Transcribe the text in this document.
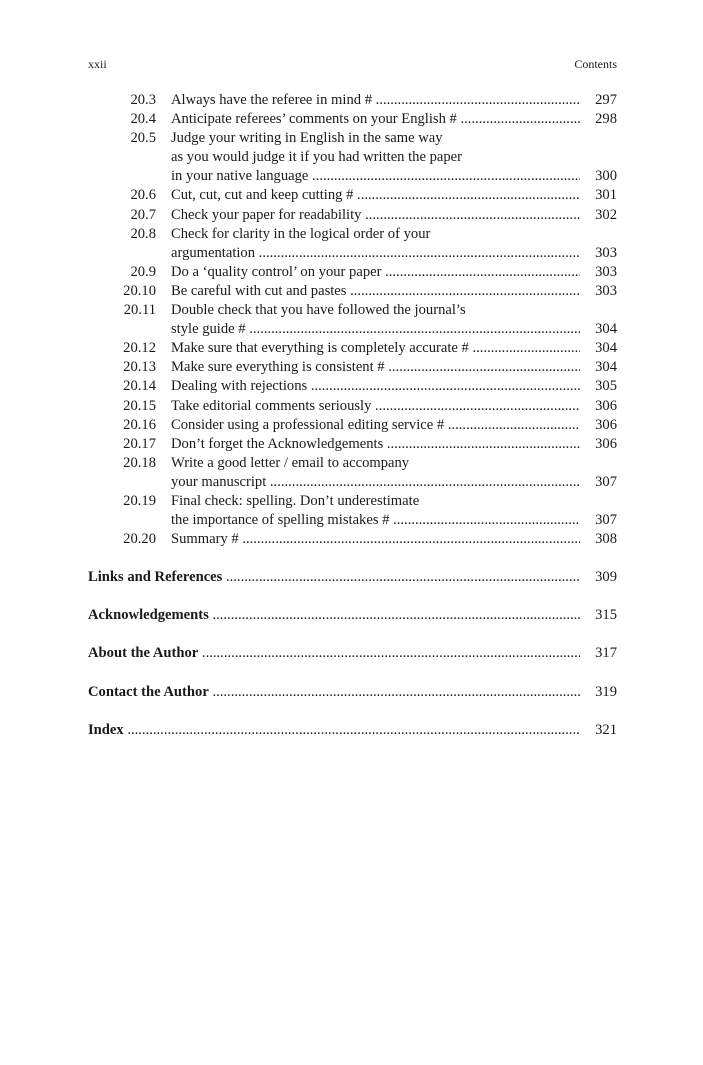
xxii	Contents
20.3 Always have the referee in mind # .....	297
20.4 Anticipate referees’ comments on your English # .....	298
20.5 Judge your writing in English in the same way
as you would judge it if you had written the paper
in your native language .....	300
20.6 Cut, cut, cut and keep cutting # .....	301
20.7 Check your paper for readability .....	302
20.8 Check for clarity in the logical order of your
argumentation .....	303
20.9 Do a ‘quality control’ on your paper .....	303
20.10 Be careful with cut and pastes .....	303
20.11 Double check that you have followed the journal’s
style guide # .....	304
20.12 Make sure that everything is completely accurate # .....	304
20.13 Make sure everything is consistent # .....	304
20.14 Dealing with rejections .....	305
20.15 Take editorial comments seriously .....	306
20.16 Consider using a professional editing service # .....	306
20.17 Don’t forget the Acknowledgements .....	306
20.18 Write a good letter / email to accompany
your manuscript .....	307
20.19 Final check: spelling. Don’t underestimate
the importance of spelling mistakes # .....	307
20.20 Summary # .....	308
Links and References .....	309
Acknowledgements .....	315
About the Author .....	317
Contact the Author .....	319
Index .....	321
